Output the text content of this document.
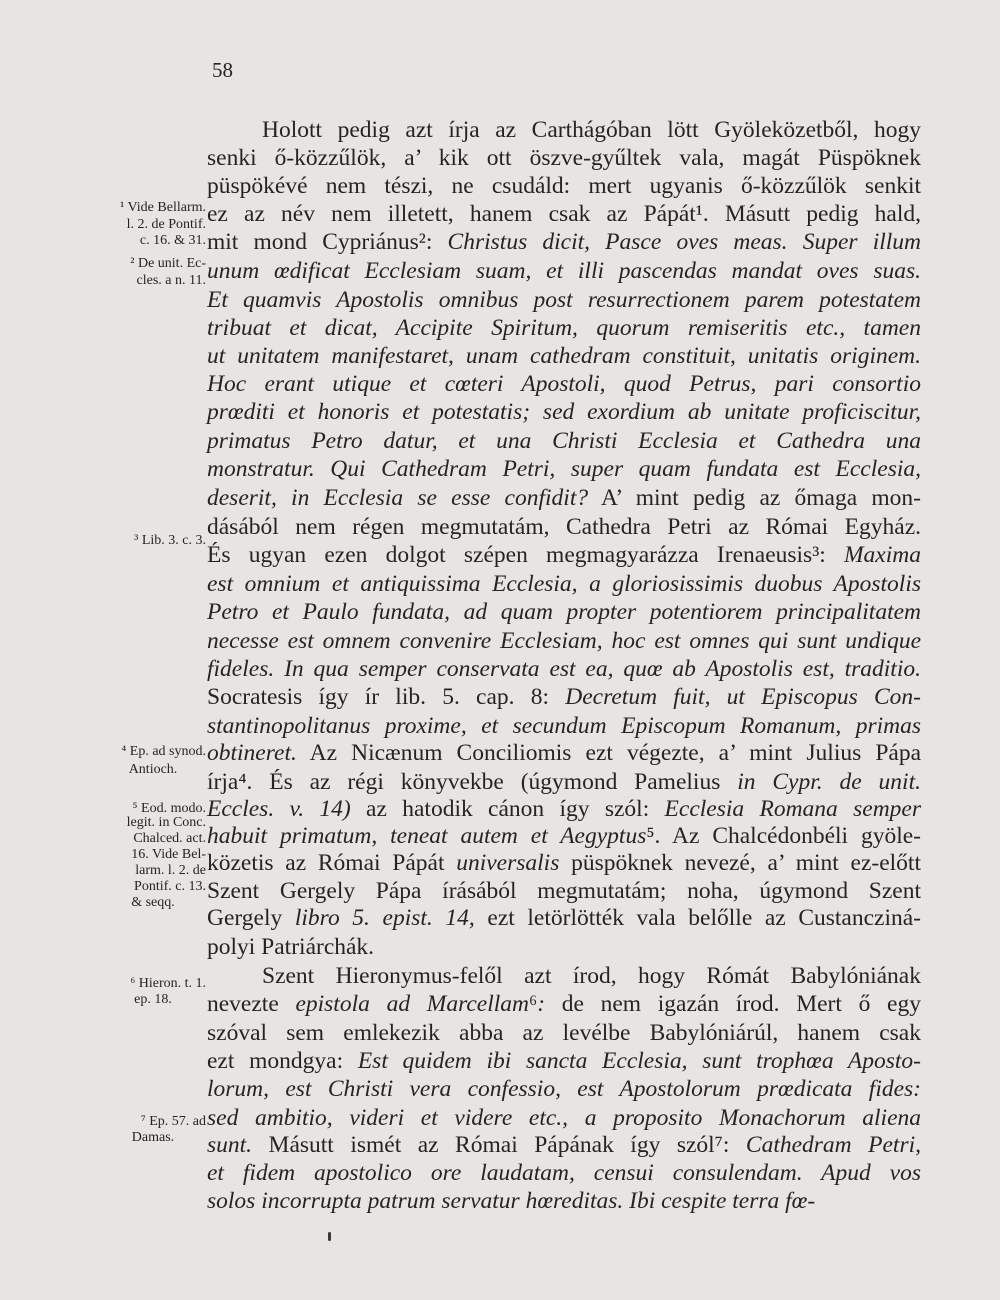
58
Holott pedig azt írja az Carthágóban lött Gyöleközetből, hogy
senki ő-közzűlök, a’ kik ott öszve-gyűltek vala, magát Püspöknek
püspökévé nem tészi, ne csudáld: mert ugyanis ő-közzűlök senkit
ez az név nem illetett, hanem csak az Pápát¹. Másutt pedig hald,
mit mond Cypriánus²: Christus dicit, Pasce oves meas. Super illum
unum œdificat Ecclesiam suam, et illi pascendas mandat oves suas.
Et quamvis Apostolis omnibus post resurrectionem parem potestatem
tribuat et dicat, Accipite Spiritum, quorum remiseritis etc., tamen
ut unitatem manifestaret, unam cathedram constituit, unitatis originem.
Hoc erant utique et cœteri Apostoli, quod Petrus, pari consortio
prœditi et honoris et potestatis; sed exordium ab unitate proficiscitur,
primatus Petro datur, et una Christi Ecclesia et Cathedra una
monstratur. Qui Cathedram Petri, super quam fundata est Ecclesia,
deserit, in Ecclesia se esse confidit? A’ mint pedig az őmaga mon-
dásából nem régen megmutatám, Cathedra Petri az Római Egyház.
És ugyan ezen dolgot szépen megmagyarázza Irenaeusis³: Maxima
est omnium et antiquissima Ecclesia, a gloriosissimis duobus Apostolis
Petro et Paulo fundata, ad quam propter potentiorem principalitatem
necesse est omnem convenire Ecclesiam, hoc est omnes qui sunt undique
fideles. In qua semper conservata est ea, quœ ab Apostolis est, traditio.
Socratesis így ír lib. 5. cap. 8: Decretum fuit, ut Episcopus Con-
stantinopolitanus proxime, et secundum Episcopum Romanum, primas
obtineret. Az Nicænum Conciliomis ezt végezte, a’ mint Julius Pápa
írja⁴. És az régi könyvekbe (úgymond Pamelius in Cypr. de unit.
Eccles. v. 14) az hatodik cánon így szól: Ecclesia Romana semper
habuit primatum, teneat autem et Aegyptus⁵. Az Chalcédonbéli gyöle-
közetis az Római Pápát universalis püspöknek nevezé, a’ mint ez-előtt
Szent Gergely Pápa írásából megmutatám; noha, úgymond Szent
Gergely libro 5. epist. 14, ezt letörlötték vala belőlle az Custancziná-
polyi Patriárchák.
Szent Hieronymus-felől azt írod, hogy Rómát Babylóniának
nevezte epistola ad Marcellam⁶: de nem igazán írod. Mert ő egy
szóval sem emlekezik abba az levélbe Babylóniárúl, hanem csak
ezt mondgya: Est quidem ibi sancta Ecclesia, sunt trophœa Aposto-
lorum, est Christi vera confessio, est Apostolorum prœdicata fides:
sed ambitio, videri et videre etc., a proposito Monachorum aliena
sunt. Másutt ismét az Római Pápának így szól⁷: Cathedram Petri,
et fidem apostolico ore laudatam, censui consulendam. Apud vos
solos incorrupta patrum servatur hœreditas. Ibi cespite terra fœ-
¹ Vide Bellarm.
l. 2. de Pontif.
c. 16. & 31.
² De unit. Ec-
cles. a n. 11.
³ Lib. 3. c. 3.
⁴ Ep. ad synod.
Antioch.
⁵ Eod. modo.
legit. in Conc.
Chalced. act.
16. Vide Bel-
larm. l. 2. de
Pontif. c. 13.
& seqq.
⁶ Hieron. t. 1.
ep. 18.
⁷ Ep. 57. ad
Damas.
